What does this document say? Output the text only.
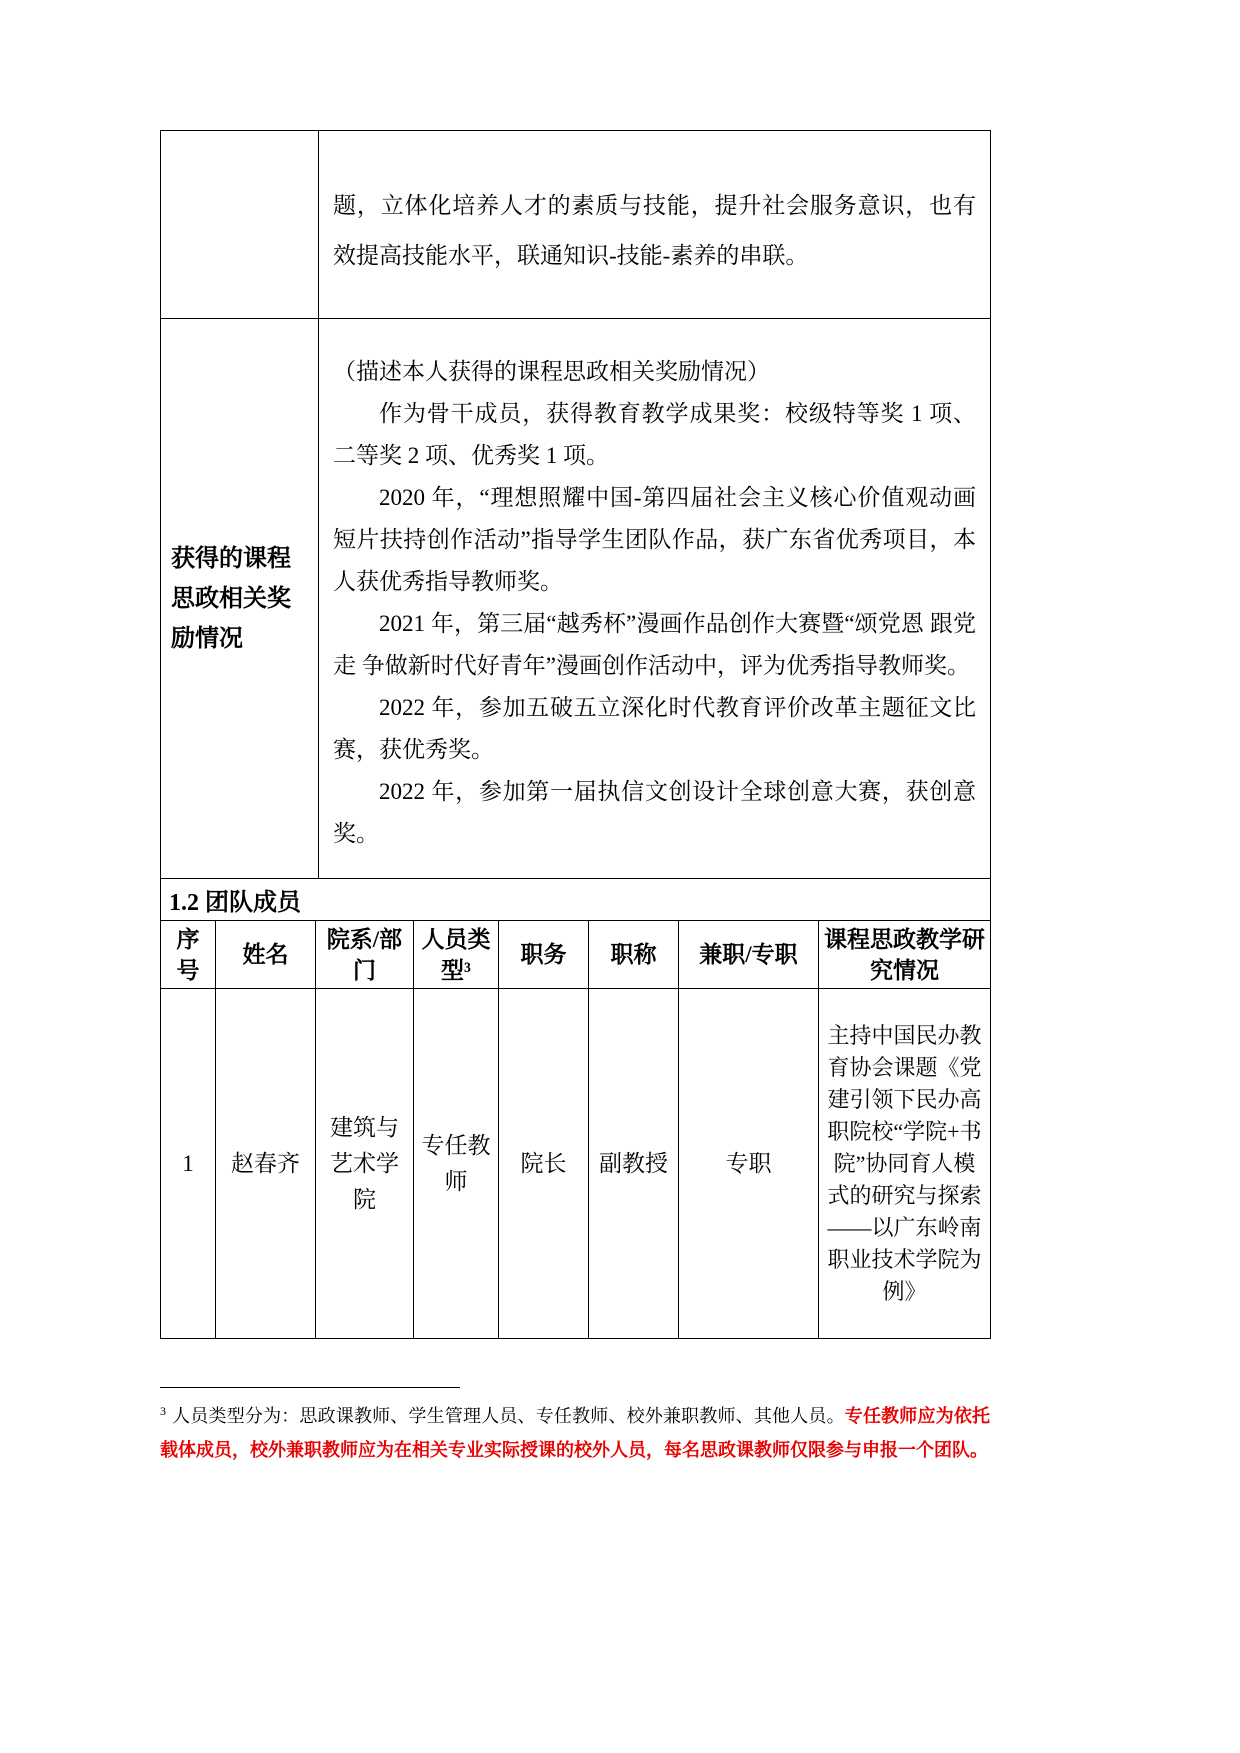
	题，立体化培养人才的素质与技能，提升社会服务意识，也有效提高技能水平，联通知识-技能-素养的串联。

获得的课程思政相关奖励情况

（描述本人获得的课程思政相关奖励情况）

作为骨干成员，获得教育教学成果奖：校级特等奖 1 项、二等奖 2 项、优秀奖 1 项。

2020 年，“理想照耀中国-第四届社会主义核心价值观动画短片扶持创作活动”指导学生团队作品，获广东省优秀项目，本人获优秀指导教师奖。

2021 年，第三届“越秀杯”漫画作品创作大赛暨“颂党恩 跟党走 争做新时代好青年”漫画创作活动中，评为优秀指导教师奖。

2022 年，参加五破五立深化时代教育评价改革主题征文比赛，获优秀奖。

2022 年，参加第一届执信文创设计全球创意大赛，获创意奖。

1.2 团队成员							
序号	姓名	院系/部门	人员类型³	职务	职称	兼职/专职	课程思政教学研究情况
1	赵春齐	建筑与艺术学院	专任教师	院长	副教授	专职	主持中国民办教育协会课题《党建引领下民办高职院校“学院+书院”协同育人模式的研究与探索——以广东岭南职业技术学院为例》

$^3$ 人员类型分为：思政课教师、学生管理人员、专任教师、校外兼职教师、其他人员。专任教师应为依托载体成员，校外兼职教师应为在相关专业实际授课的校外人员，每名思政课教师仅限参与申报一个团队。
